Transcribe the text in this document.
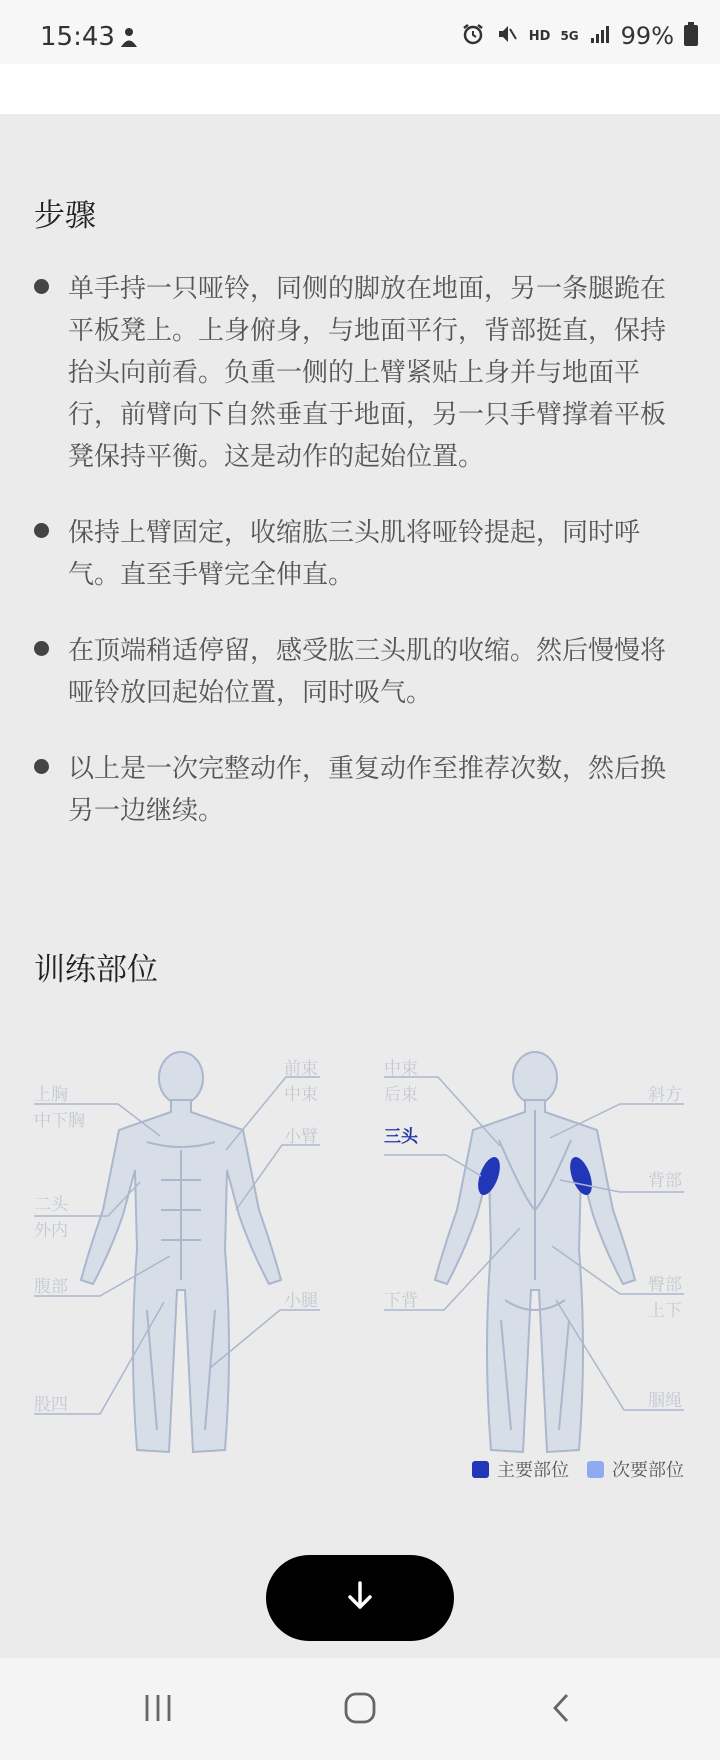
15:43	HD 5G 99%
步骤
单手持一只哑铃，同侧的脚放在地面，另一条腿跪在平板凳上。上身俯身，与地面平行，背部挺直，保持抬头向前看。负重一侧的上臂紧贴上身并与地面平行，前臂向下自然垂直于地面，另一只手臂撑着平板凳保持平衡。这是动作的起始位置。
保持上臂固定，收缩肱三头肌将哑铃提起，同时呼气。直至手臂完全伸直。
在顶端稍适停留，感受肱三头肌的收缩。然后慢慢将哑铃放回起始位置，同时吸气。
以上是一次完整动作，重复动作至推荐次数，然后换另一边继续。
训练部位
上胸
中下胸
二头
外内
腹部
股四
前束
中束
小臂
小腿
中束
后束
三头
下背
斜方
背部
臀部
上下
腘绳
主要部位 次要部位
